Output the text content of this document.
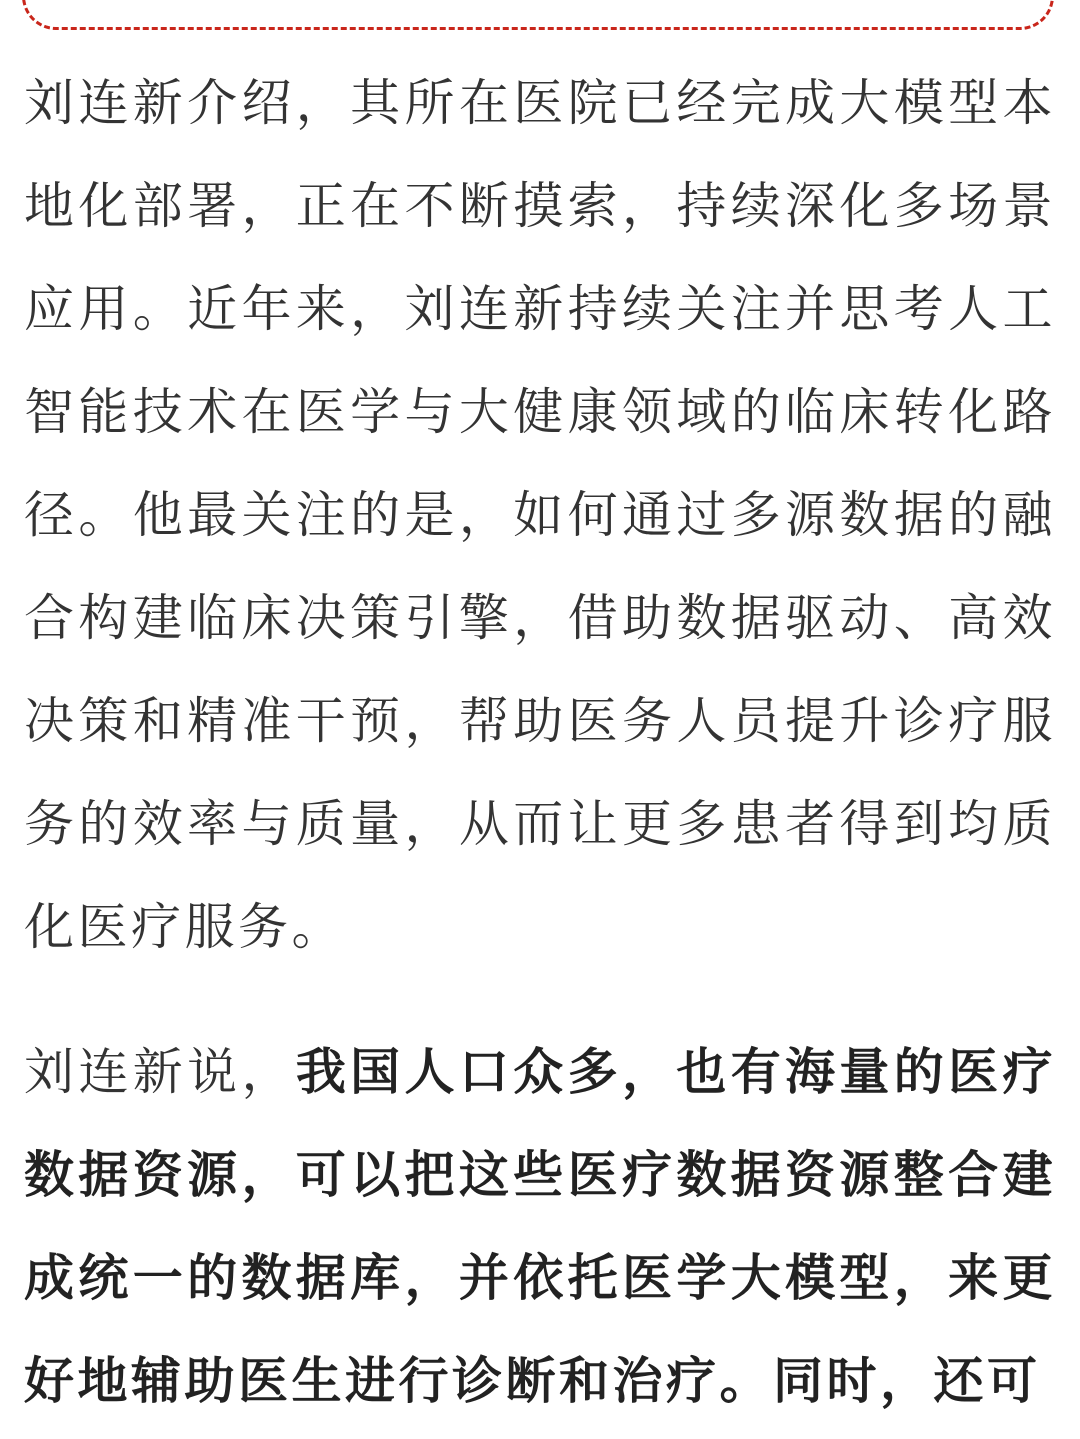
刘连新介绍，其所在医院已经完成大模型本地化部署，正在不断摸索，持续深化多场景应用。近年来，刘连新持续关注并思考人工智能技术在医学与大健康领域的临床转化路径。他最关注的是，如何通过多源数据的融合构建临床决策引擎，借助数据驱动、高效决策和精准干预，帮助医务人员提升诊疗服务的效率与质量，从而让更多患者得到均质化医疗服务。

刘连新说，我国人口众多，也有海量的医疗数据资源，可以把这些医疗数据资源整合建成统一的数据库，并依托医学大模型，来更好地辅助医生进行诊断和治疗。同时，还可
